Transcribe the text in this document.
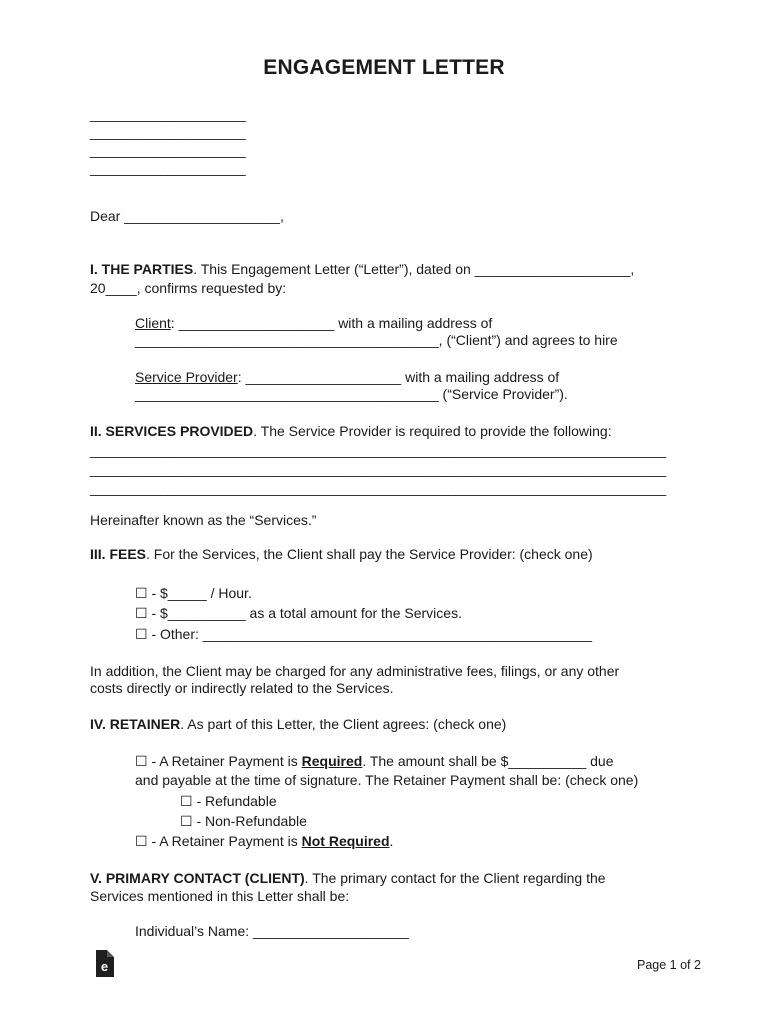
ENGAGEMENT LETTER
____________________
____________________
____________________
____________________
Dear ____________________,
I. THE PARTIES. This Engagement Letter (“Letter”), dated on ____________________,
20____, confirms requested by:
Client: ____________________ with a mailing address of
_______________________________________, (“Client”) and agrees to hire
Service Provider: ____________________ with a mailing address of
_______________________________________ (“Service Provider”).
II. SERVICES PROVIDED. The Service Provider is required to provide the following:
__________________________________________________________________________
__________________________________________________________________________
__________________________________________________________________________
Hereinafter known as the “Services.”
III. FEES. For the Services, the Client shall pay the Service Provider: (check one)
☐ - $_____ / Hour.
☐ - $__________ as a total amount for the Services.
☐ - Other: __________________________________________________
In addition, the Client may be charged for any administrative fees, filings, or any other
costs directly or indirectly related to the Services.
IV. RETAINER. As part of this Letter, the Client agrees: (check one)
☐ - A Retainer Payment is Required. The amount shall be $__________ due
and payable at the time of signature. The Retainer Payment shall be: (check one)
☐ - Refundable
☐ - Non-Refundable
☐ - A Retainer Payment is Not Required.
V. PRIMARY CONTACT (CLIENT). The primary contact for the Client regarding the
Services mentioned in this Letter shall be:
Individual’s Name: ____________________
e	Page 1 of 2
